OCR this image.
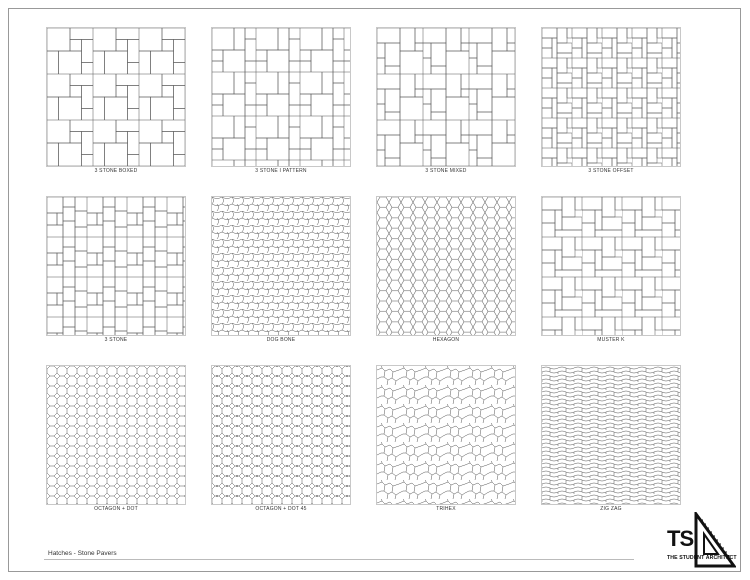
3 STONE BOXED	3 STONE I PATTERN	3 STONE MIXED	3 STONE OFFSET
3 STONE	DOG BONE	HEXAGON	MUSTER K
OCTAGON + DOT	OCTAGON + DOT 45	TRIHEX	ZIG ZAG
Hatches - Stone Pavers
TS
THE STUDENT ARCHITECT
